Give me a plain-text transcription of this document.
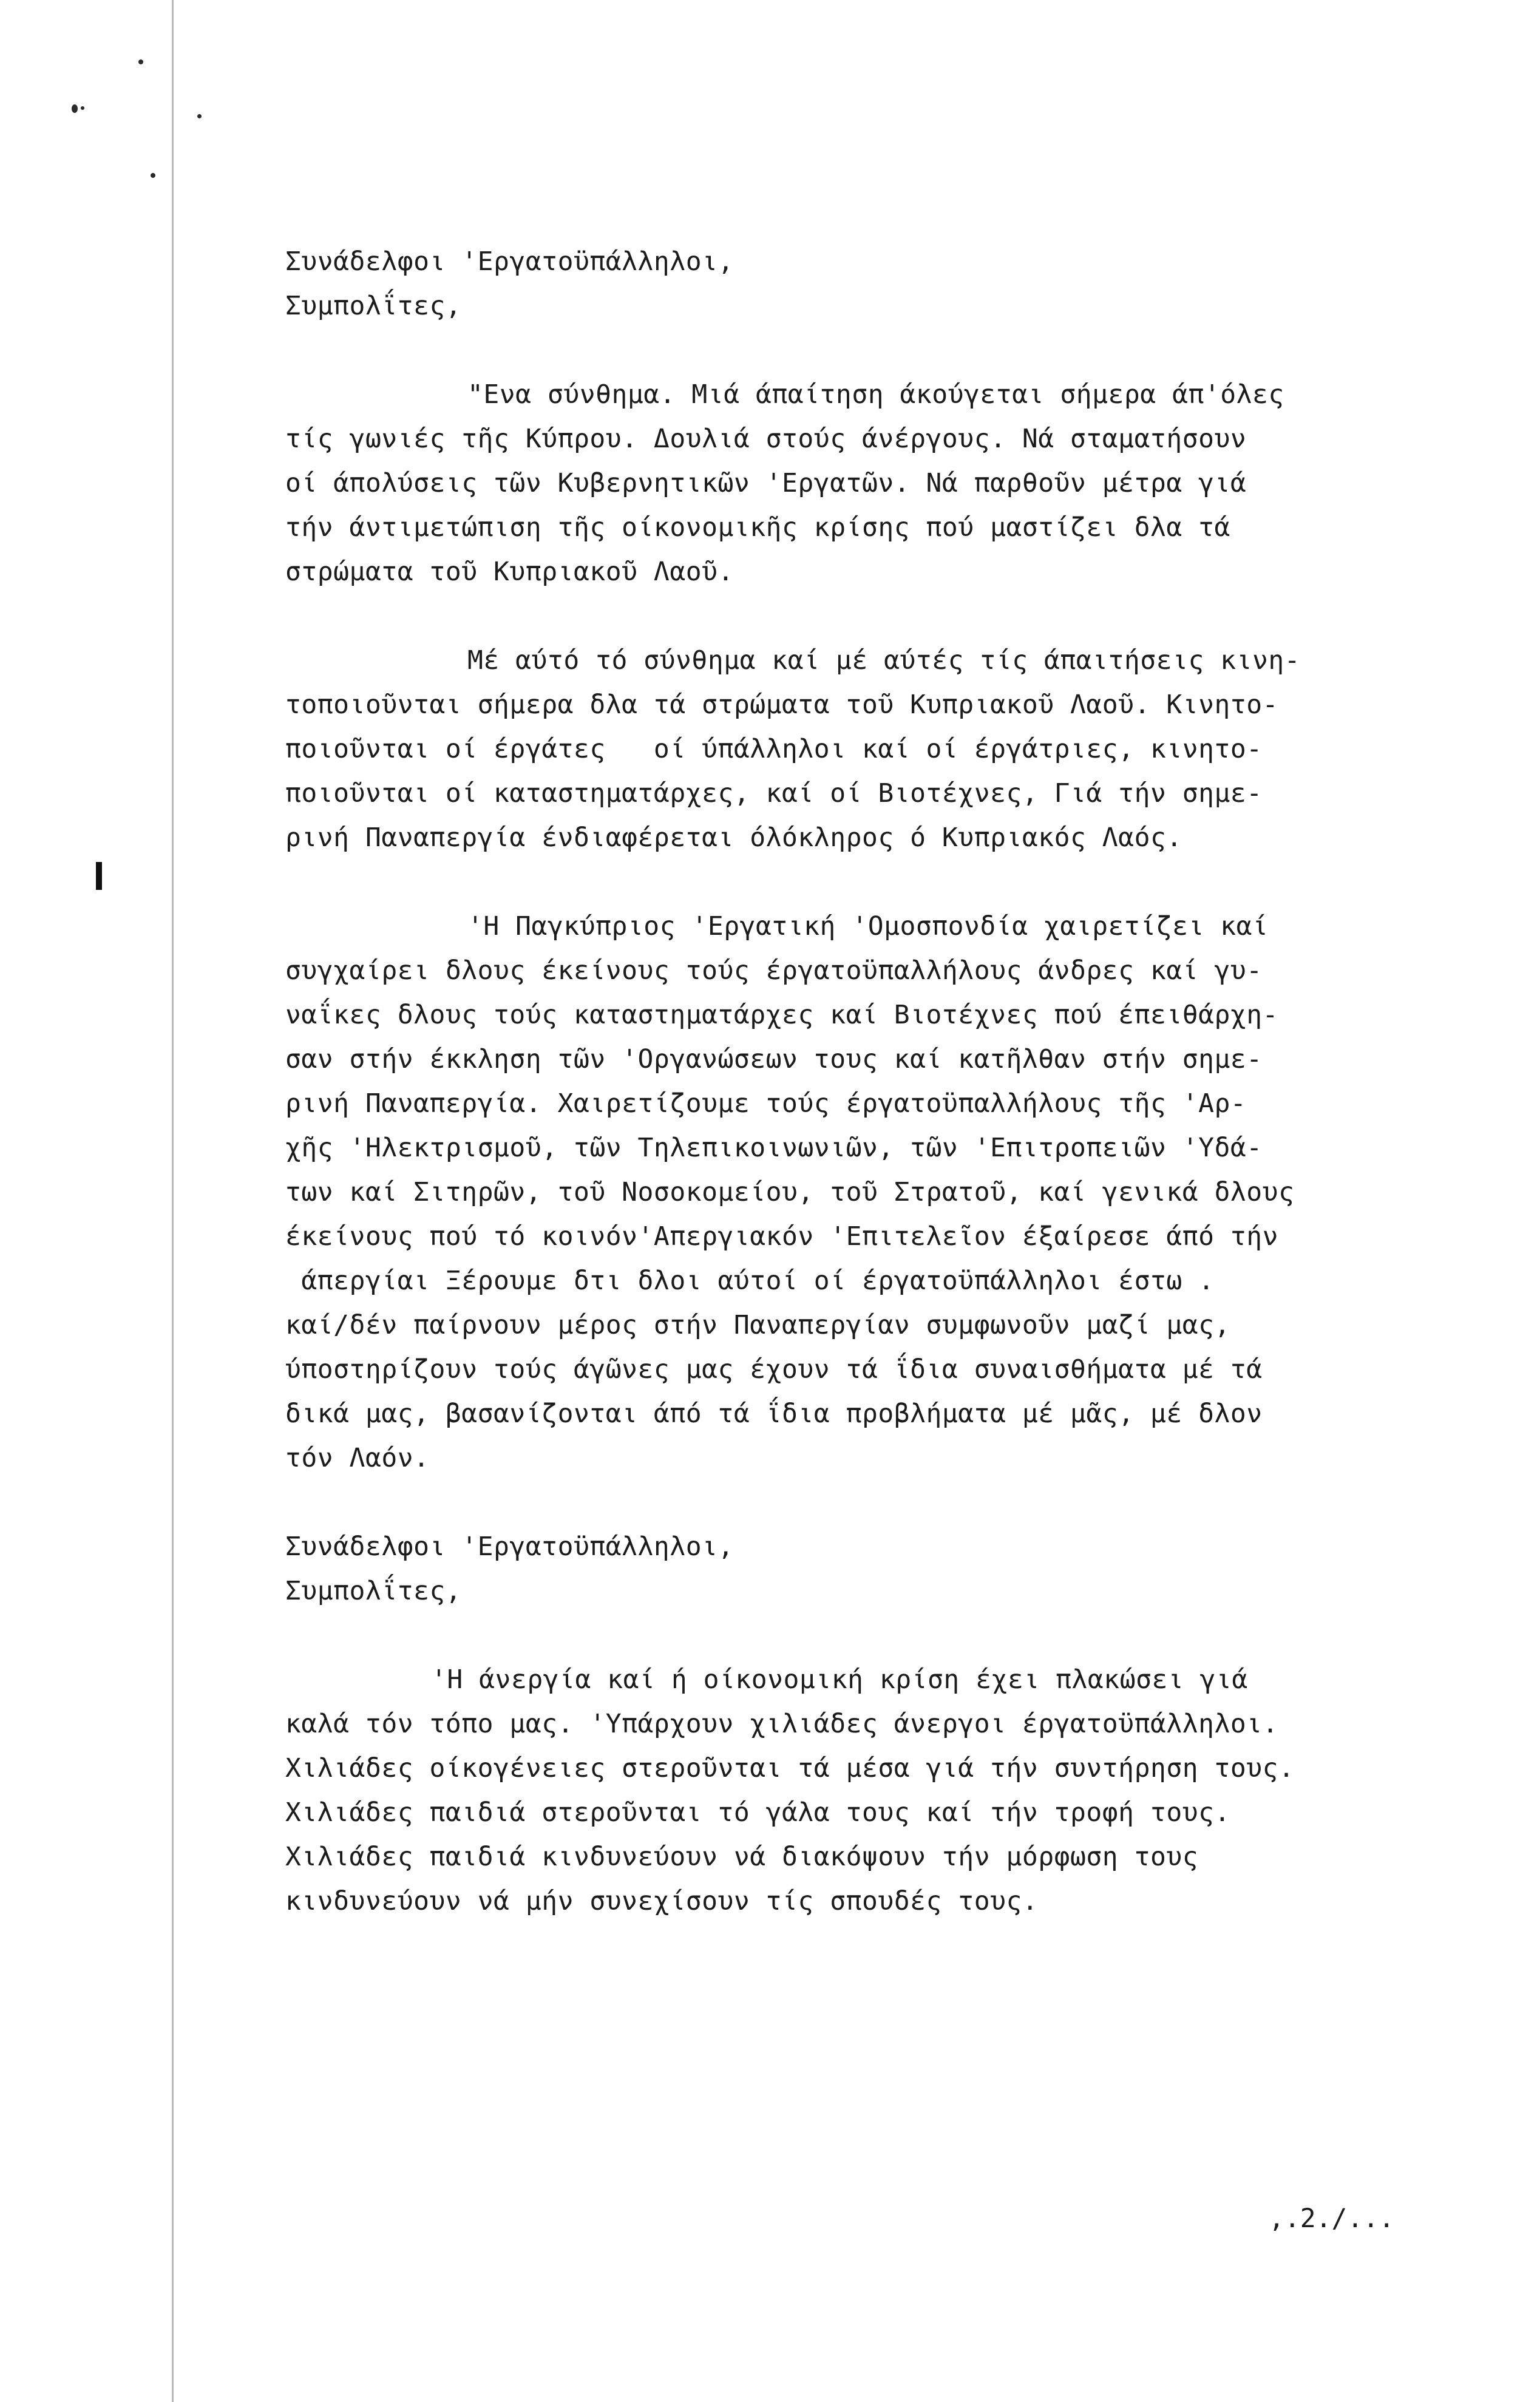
Συνάδελφοι 'Εργατοϋπάλληλοι,
Συμπολΐτες,
"Ενα σύνθημα. Μιά άπαίτηση άκούγεται σήμερα άπ'όλες
τίς γωνιές τῆς Κύπρου. Δουλιά στούς άνέργους. Νά σταματήσουν
οί άπολύσεις τῶν Κυβερνητικῶν 'Εργατῶν. Νά παρθοῦν μέτρα γιά
τήν άντιμετώπιση τῆς οίκονομικῆς κρίσης πού μαστίζει δλα τά
στρώματα τοῦ Κυπριακοῦ Λαοῦ.
Μέ αύτό τό σύνθημα καί μέ αύτές τίς άπαιτήσεις κινη-
τοποιοῦνται σήμερα δλα τά στρώματα τοῦ Κυπριακοῦ Λαοῦ. Κινητο-
ποιοῦνται οί έργάτες   οί ύπάλληλοι καί οί έργάτριες, κινητο-
ποιοῦνται οί καταστηματάρχες, καί οί Βιοτέχνες, Γιά τήν σημε-
ρινή Παναπεργία ένδιαφέρεται όλόκληρος ό Κυπριακός Λαός.
'Η Παγκύπριος 'Εργατική 'Ομοσπονδία χαιρετίζει καί
συγχαίρει δλους έκείνους τούς έργατοϋπαλλήλους άνδρες καί γυ-
ναΐκες δλους τούς καταστηματάρχες καί Βιοτέχνες πού έπειθάρχη-
σαν στήν έκκληση τῶν 'Οργανώσεων τους καί κατῆλθαν στήν σημε-
ρινή Παναπεργία. Χαιρετίζουμε τούς έργατοϋπαλλήλους τῆς 'Αρ-
χῆς 'Ηλεκτρισμοῦ, τῶν Τηλεπικοινωνιῶν, τῶν 'Επιτροπειῶν 'Υδά-
των καί Σιτηρῶν, τοῦ Νοσοκομείου, τοῦ Στρατοῦ, καί γενικά δλους
έκείνους πού τό κοινόν'Απεργιακόν 'Επιτελεῖον έξαίρεσε άπό τήν
άπεργίαι Ξέρουμε δτι δλοι αύτοί οί έργατοϋπάλληλοι έστω .
καί/δέν παίρνουν μέρος στήν Παναπεργίαν συμφωνοῦν μαζί μας,
ύποστηρίζουν τούς άγῶνες μας έχουν τά ΐδια συναισθήματα μέ τά
δικά μας, βασανίζονται άπό τά ΐδια προβλήματα μέ μᾶς, μέ δλον
τόν Λαόν.
Συνάδελφοι 'Εργατοϋπάλληλοι,
Συμπολΐτες,
'Η άνεργία καί ή οίκονομική κρίση έχει πλακώσει γιά
καλά τόν τόπο μας. 'Υπάρχουν χιλιάδες άνεργοι έργατοϋπάλληλοι.
Χιλιάδες οίκογένειες στεροῦνται τά μέσα γιά τήν συντήρηση τους.
Χιλιάδες παιδιά στεροῦνται τό γάλα τους καί τήν τροφή τους.
Χιλιάδες παιδιά κινδυνεύουν νά διακόψουν τήν μόρφωση τους
κινδυνεύουν νά μήν συνεχίσουν τίς σπουδές τους.
,.2./...
